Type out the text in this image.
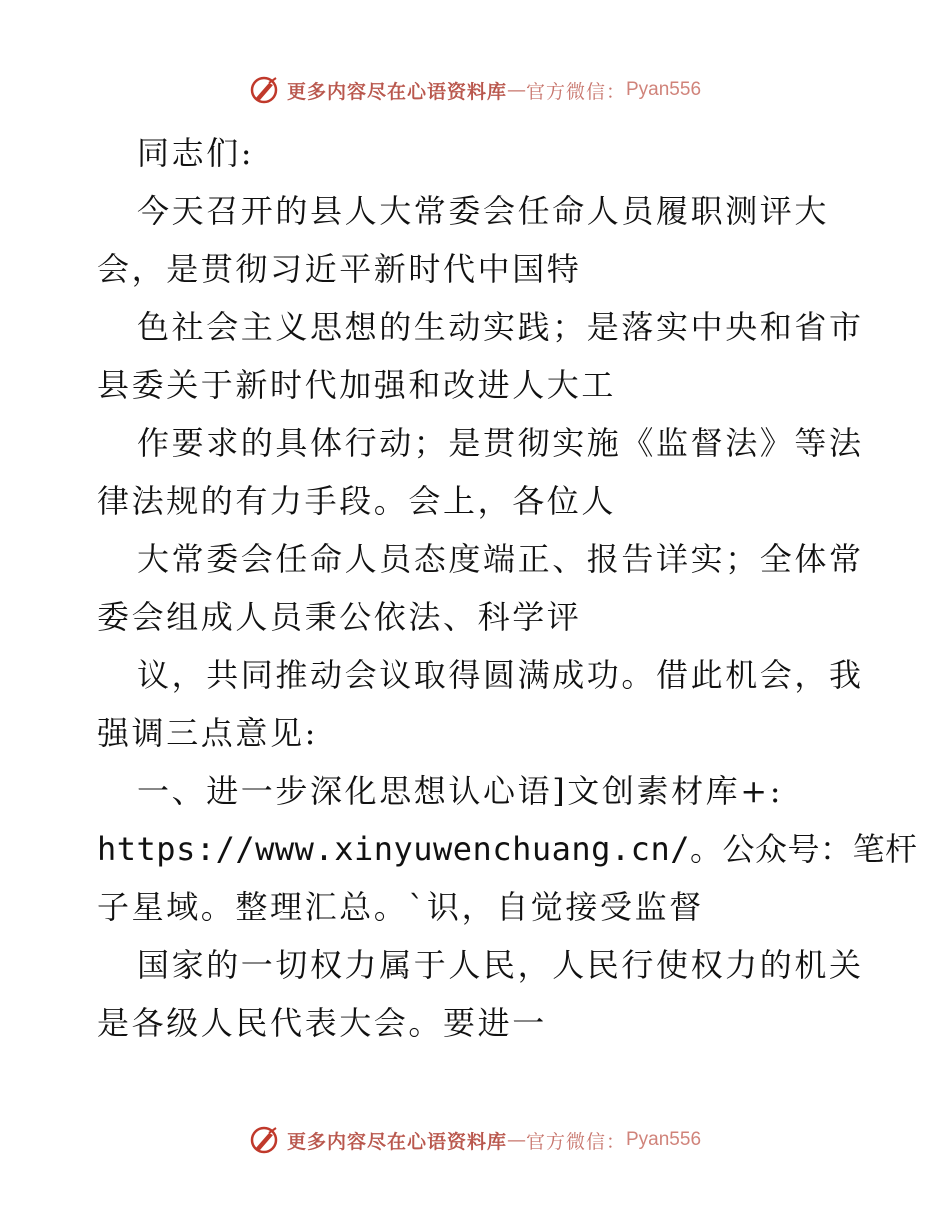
更多内容尽在心语资料库 — 官方微信： Pyan556
同志们:
今天召开的县人大常委会任命人员履职测评大
会，是贯彻习近平新时代中国特
色社会主义思想的生动实践；是落实中央和省市
县委关于新时代加强和改进人大工
作要求的具体行动；是贯彻实施《监督法》等法
律法规的有力手段。会上，各位人
大常委会任命人员态度端正、报告详实；全体常
委会组成人员秉公依法、科学评
议，共同推动会议取得圆满成功。借此机会，我
强调三点意见:
一、进一步深化思想认心语]文创素材库+:
https://www.xinyuwenchuang.cn/。公众号：笔杆
子星域。整理汇总。`识，自觉接受监督
国家的一切权力属于人民，人民行使权力的机关
是各级人民代表大会。要进一
更多内容尽在心语资料库 — 官方微信： Pyan556
